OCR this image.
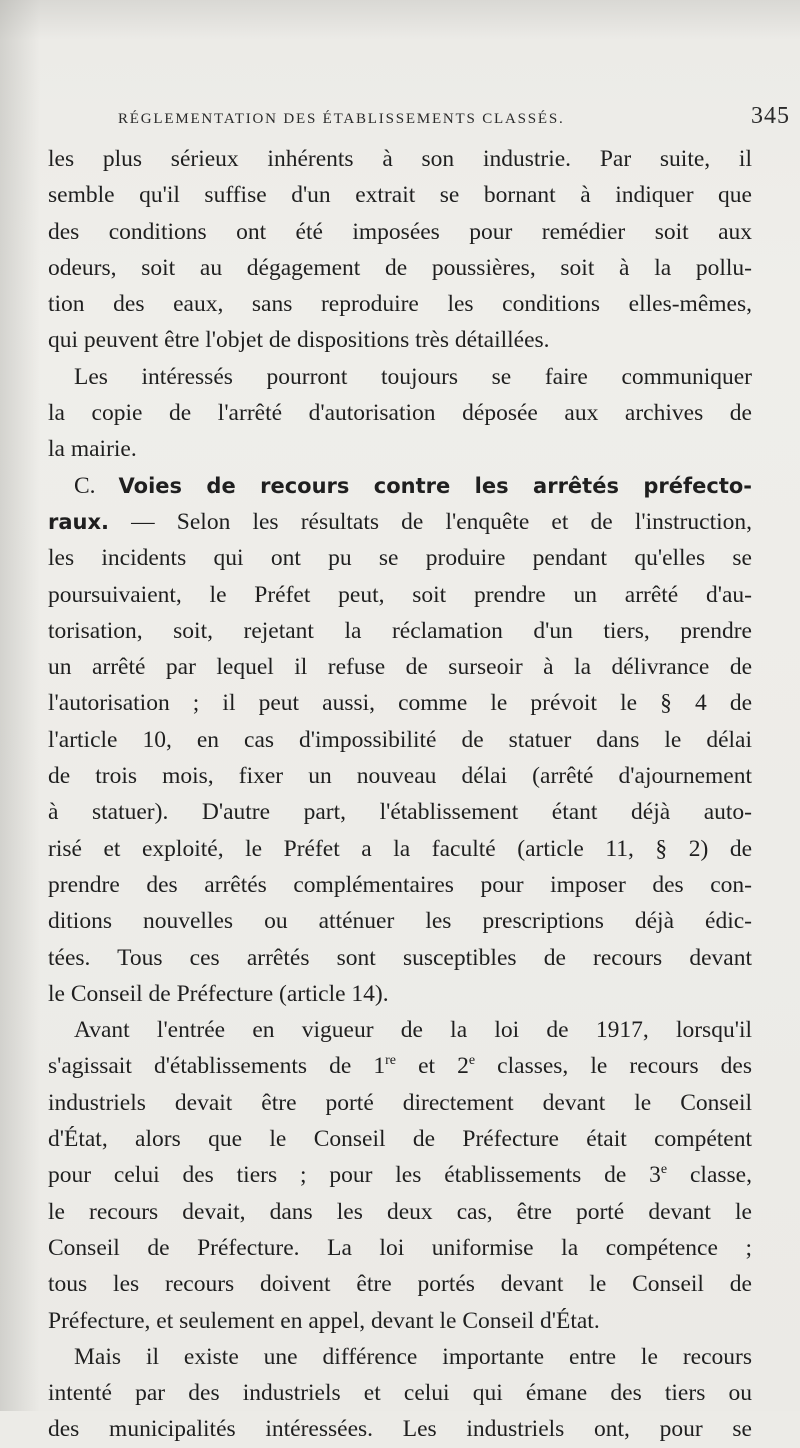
RÉGLEMENTATION DES ÉTABLISSEMENTS CLASSÉS.	345
les plus sérieux inhérents à son industrie. Par suite, il
semble qu'il suffise d'un extrait se bornant à indiquer que
des conditions ont été imposées pour remédier soit aux
odeurs, soit au dégagement de poussières, soit à la pollu-
tion des eaux, sans reproduire les conditions elles-mêmes,
qui peuvent être l'objet de dispositions très détaillées.
Les intéressés pourront toujours se faire communiquer
la copie de l'arrêté d'autorisation déposée aux archives de
la mairie.
C. Voies de recours contre les arrêtés préfecto-
raux. — Selon les résultats de l'enquête et de l'instruction,
les incidents qui ont pu se produire pendant qu'elles se
poursuivaient, le Préfet peut, soit prendre un arrêté d'au-
torisation, soit, rejetant la réclamation d'un tiers, prendre
un arrêté par lequel il refuse de surseoir à la délivrance de
l'autorisation ; il peut aussi, comme le prévoit le § 4 de
l'article 10, en cas d'impossibilité de statuer dans le délai
de trois mois, fixer un nouveau délai (arrêté d'ajournement
à statuer). D'autre part, l'établissement étant déjà auto-
risé et exploité, le Préfet a la faculté (article 11, § 2) de
prendre des arrêtés complémentaires pour imposer des con-
ditions nouvelles ou atténuer les prescriptions déjà édic-
tées. Tous ces arrêtés sont susceptibles de recours devant
le Conseil de Préfecture (article 14).
Avant l'entrée en vigueur de la loi de 1917, lorsqu'il
s'agissait d'établissements de 1re et 2e classes, le recours des
industriels devait être porté directement devant le Conseil
d'État, alors que le Conseil de Préfecture était compétent
pour celui des tiers ; pour les établissements de 3e classe,
le recours devait, dans les deux cas, être porté devant le
Conseil de Préfecture. La loi uniformise la compétence ;
tous les recours doivent être portés devant le Conseil de
Préfecture, et seulement en appel, devant le Conseil d'État.
Mais il existe une différence importante entre le recours
intenté par des industriels et celui qui émane des tiers ou
des municipalités intéressées. Les industriels ont, pour se
